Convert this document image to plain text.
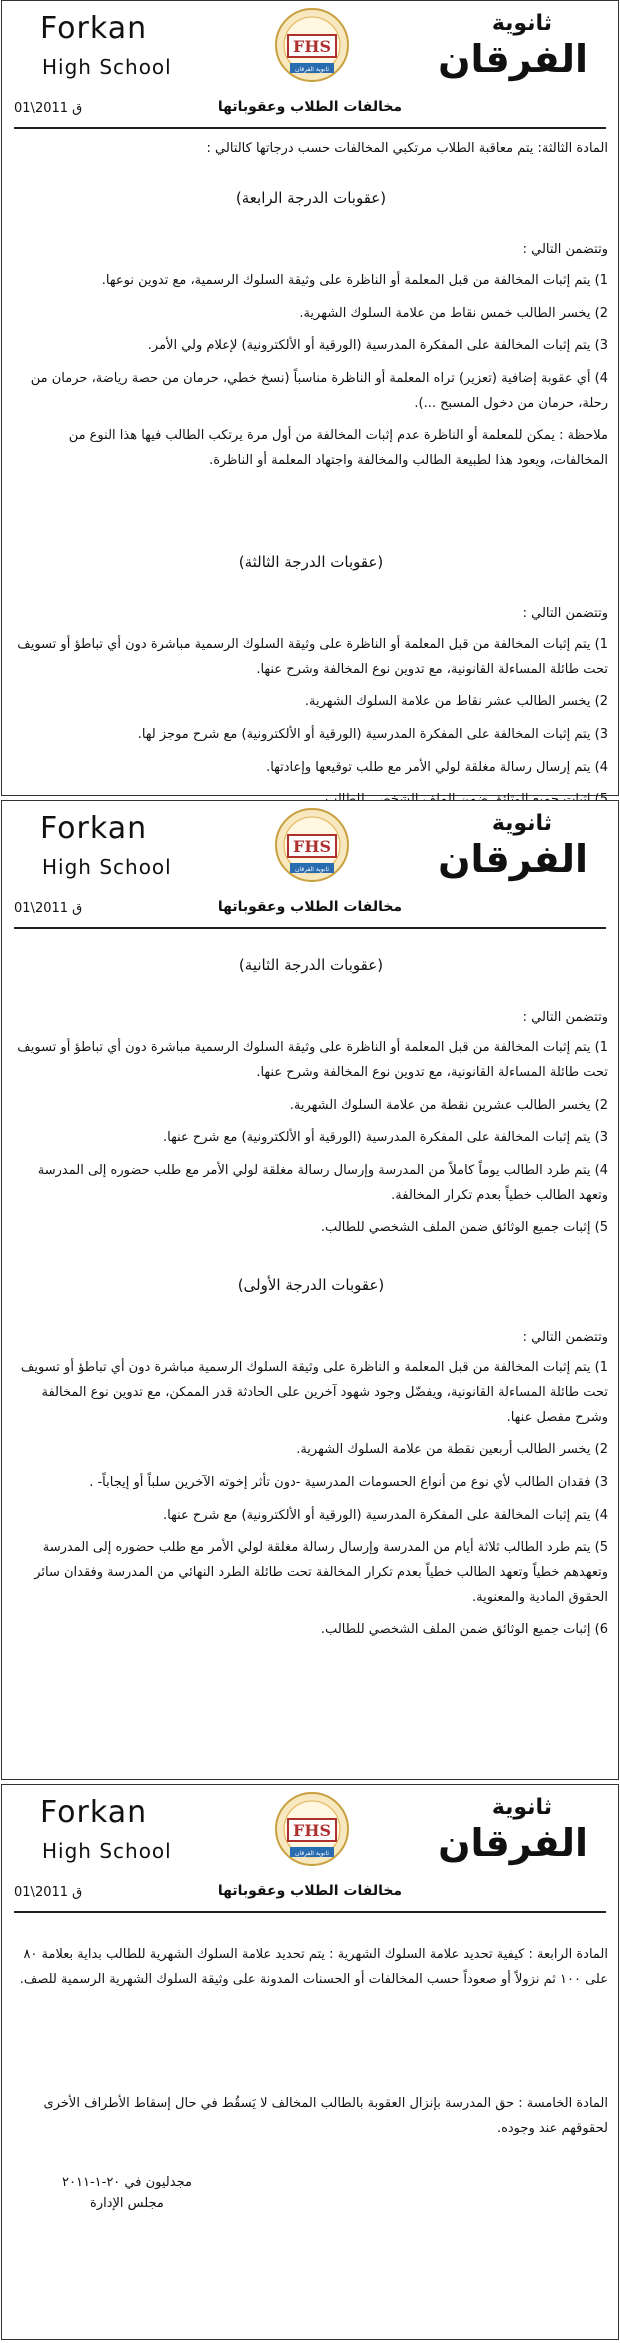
Forkan
High School
FHS
ثانوية الفرقان
ثانوية
الفرقان
مخالفات الطلاب وعقوباتها
ق 2011\01
المادة الثالثة: يتم معاقبة الطلاب مرتكبي المخالفات حسب درجاتها كالتالي :
(عقوبات الدرجة الرابعة)
وتتضمن التالي :
1) يتم إثبات المخالفة من قبل المعلمة أو الناظرة على وثيقة السلوك الرسمية، مع تدوين نوعها.
2) يخسر الطالب خمس نقاط من علامة السلوك الشهرية.
3) يتم إثبات المخالفة على المفكرة المدرسية (الورقية أو الألكترونية) لإعلام ولي الأمر.
4) أي عقوبة إضافية (تعزير) تراه المعلمة أو الناظرة مناسباً (نسخ خطي، حرمان من حصة رياضة، حرمان من رحلة، حرمان من دخول المسبح ...).
ملاحظة : يمكن للمعلمة أو الناظرة عدم إثبات المخالفة من أول مرة يرتكب الطالب فيها هذا النوع من المخالفات، ويعود هذا لطبيعة الطالب والمخالفة واجتهاد المعلمة أو الناظرة.
(عقوبات الدرجة الثالثة)
وتتضمن التالي :
1) يتم إثبات المخالفة من قبل المعلمة أو الناظرة على وثيقة السلوك الرسمية مباشرة دون أي تباطؤ أو تسويف تحت طائلة المساءلة القانونية، مع تدوين نوع المخالفة وشرح عنها.
2) يخسر الطالب عشر نقاط من علامة السلوك الشهرية.
3) يتم إثبات المخالفة على المفكرة المدرسية (الورقية أو الألكترونية) مع شرح موجز لها.
4) يتم إرسال رسالة مغلقة لولي الأمر مع طلب توقيعها وإعادتها.
Forkan
High School
FHS
ثانوية الفرقان
ثانوية
الفرقان
مخالفات الطلاب وعقوباتها
ق 2011\01
(عقوبات الدرجة الثانية)
وتتضمن التالي :
1) يتم إثبات المخالفة من قبل المعلمة أو الناظرة على وثيقة السلوك الرسمية مباشرة دون أي تباطؤ أو تسويف تحت طائلة المساءلة القانونية، مع تدوين نوع المخالفة وشرح عنها.
2) يخسر الطالب عشرين نقطة من علامة السلوك الشهرية.
3) يتم إثبات المخالفة على المفكرة المدرسية (الورقية أو الألكترونية) مع شرح عنها.
4) يتم طرد الطالب يوماً كاملاً من المدرسة وإرسال رسالة مغلقة لولي الأمر مع طلب حضوره إلى المدرسة وتعهد الطالب خطياً بعدم تكرار المخالفة.
5) إثبات جميع الوثائق ضمن الملف الشخصي للطالب.
(عقوبات الدرجة الأولى)
وتتضمن التالي :
1) يتم إثبات المخالفة من قبل المعلمة و الناظرة على وثيقة السلوك الرسمية مباشرة دون أي تباطؤ أو تسويف تحت طائلة المساءلة القانونية، ويفضّل وجود شهود آخرين على الحادثة قدر الممكن، مع تدوين نوع المخالفة وشرح مفصل عنها.
2) يخسر الطالب أربعين نقطة من علامة السلوك الشهرية.
3) فقدان الطالب لأي نوع من أنواع الحسومات المدرسية -دون تأثر إخوته الآخرين سلباً أو إيجاباً- .
4) يتم إثبات المخالفة على المفكرة المدرسية (الورقية أو الألكترونية) مع شرح عنها.
5) يتم طرد الطالب ثلاثة أيام من المدرسة وإرسال رسالة مغلقة لولي الأمر مع طلب حضوره إلى المدرسة وتعهدهم خطياً وتعهد الطالب خطياً بعدم تكرار المخالفة تحت طائلة الطرد النهائي من المدرسة وفقدان سائر الحقوق المادية والمعنوية.
6) إثبات جميع الوثائق ضمن الملف الشخصي للطالب.
Forkan
High School
FHS
ثانوية الفرقان
ثانوية
الفرقان
مخالفات الطلاب وعقوباتها
ق 2011\01
المادة الرابعة : كيفية تحديد علامة السلوك الشهرية : يتم تحديد علامة السلوك الشهرية للطالب بداية بعلامة ٨٠ على ١٠٠ ثم نزولاً أو صعوداً حسب المخالفات أو الحسنات المدونة على وثيقة السلوك الشهرية الرسمية للصف.
المادة الخامسة : حق المدرسة بإنزال العقوبة بالطالب المخالف لا يَسقُط في حال إسقاط الأطراف الأخرى لحقوقهم عند وجوده.
مجدليون في ٢٠-١-٢٠١١
مجلس الإدارة
